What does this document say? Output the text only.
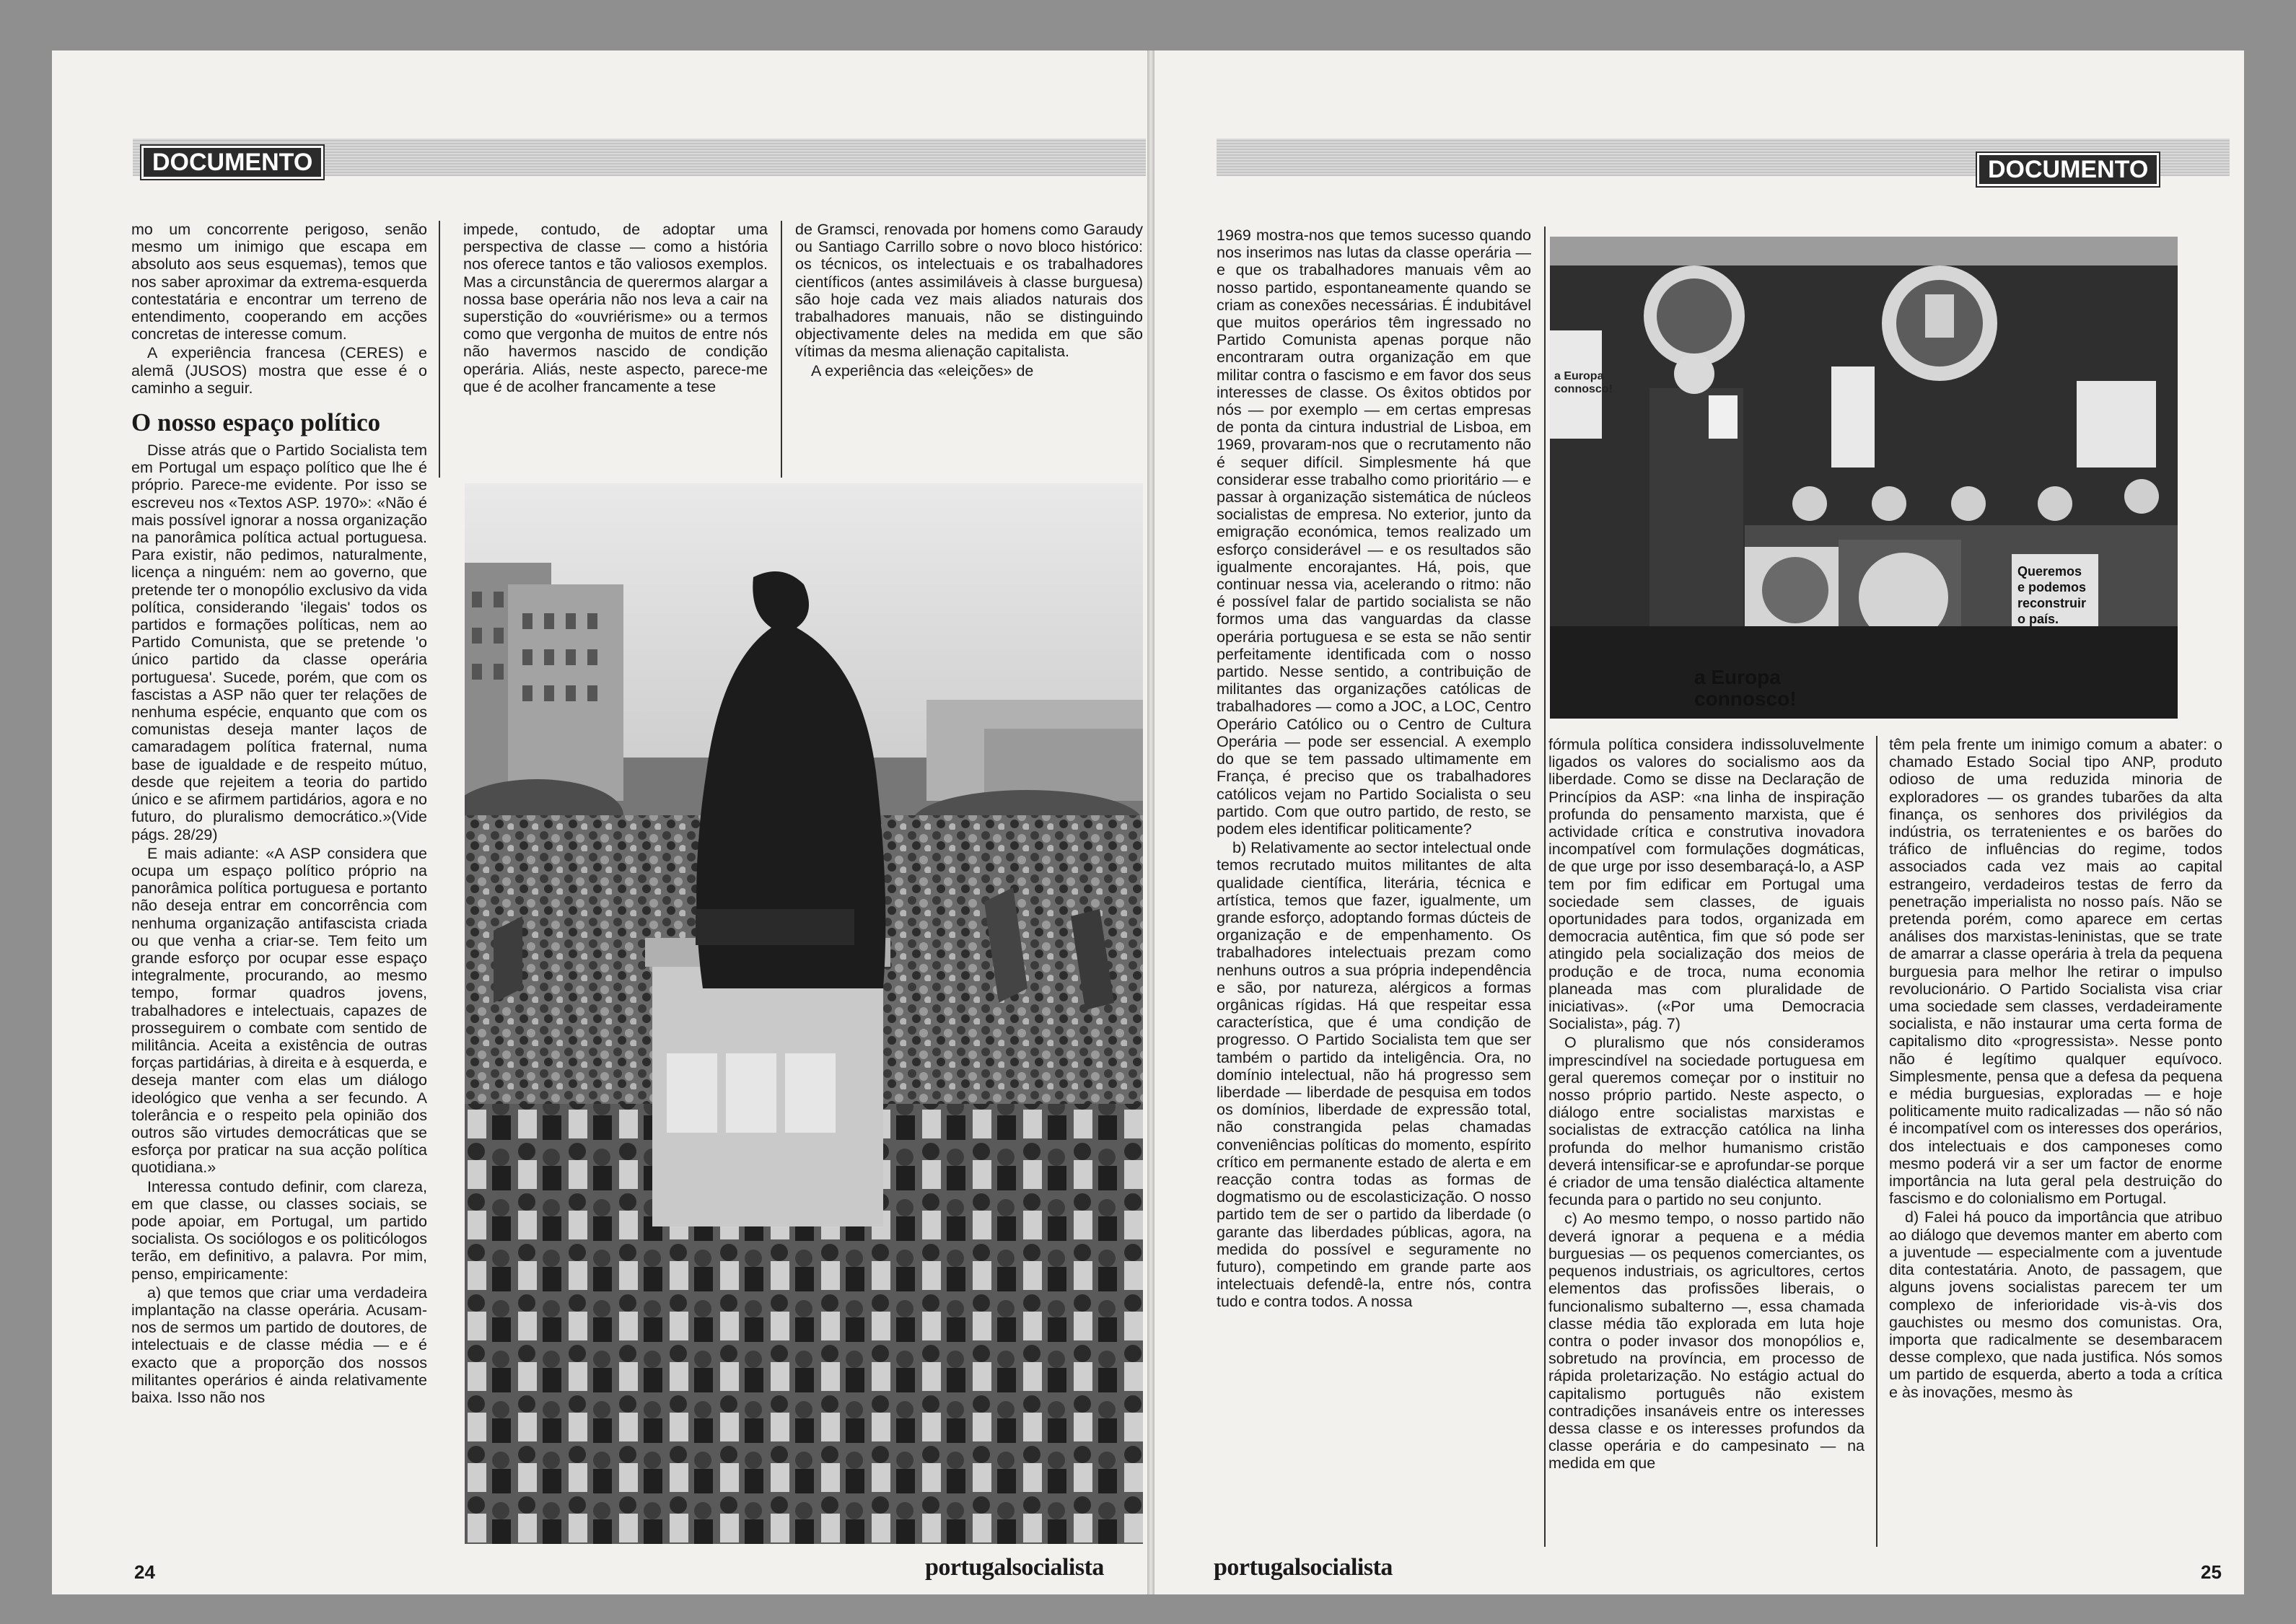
DOCUMENTO

mo um concorrente perigoso, senão mesmo um inimigo que escapa em absoluto aos seus esquemas), temos que nos saber aproximar da extrema-esquerda contestatária e encontrar um terreno de entendimento, cooperando em acções concretas de interesse comum.

A experiência francesa (CERES) e alemã (JUSOS) mostra que esse é o caminho a seguir.

O nosso espaço político

Disse atrás que o Partido Socialista tem em Portugal um espaço político que lhe é próprio. Parece-me evidente. Por isso se escreveu nos «Textos ASP. 1970»: «Não é mais possível ignorar a nossa organização na panorâmica política actual portuguesa. Para existir, não pedimos, naturalmente, licença a ninguém: nem ao governo, que pretende ter o monopólio exclusivo da vida política, considerando 'ilegais' todos os partidos e formações políticas, nem ao Partido Comunista, que se pretende 'o único partido da classe operária portuguesa'. Sucede, porém, que com os fascistas a ASP não quer ter relações de nenhuma espécie, enquanto que com os comunistas deseja manter laços de camaradagem política fraternal, numa base de igualdade e de respeito mútuo, desde que rejeitem a teoria do partido único e se afirmem partidários, agora e no futuro, do pluralismo democrático.»(Vide págs. 28/29)

E mais adiante: «A ASP considera que ocupa um espaço político próprio na panorâmica política portuguesa e portanto não deseja entrar em concorrência com nenhuma organização antifascista criada ou que venha a criar-se. Tem feito um grande esforço por ocupar esse espaço integralmente, procurando, ao mesmo tempo, formar quadros jovens, trabalhadores e intelectuais, capazes de prosseguirem o combate com sentido de militância. Aceita a existência de outras forças partidárias, à direita e à esquerda, e deseja manter com elas um diálogo ideológico que venha a ser fecundo. A tolerância e o respeito pela opinião dos outros são virtudes democráticas que se esforça por praticar na sua acção política quotidiana.»

Interessa contudo definir, com clareza, em que classe, ou classes sociais, se pode apoiar, em Portugal, um partido socialista. Os sociólogos e os politicólogos terão, em definitivo, a palavra. Por mim, penso, empiricamente:

a) que temos que criar uma verdadeira implantação na classe operária. Acusam-nos de sermos um partido de doutores, de intelectuais e de classe média — e é exacto que a proporção dos nossos militantes operários é ainda relativamente baixa. Isso não nos

impede, contudo, de adoptar uma perspectiva de classe — como a história nos oferece tantos e tão valiosos exemplos. Mas a circunstância de querermos alargar a nossa base operária não nos leva a cair na superstição do «ouvriérisme» ou a termos como que vergonha de muitos de entre nós não havermos nascido de condição operária. Aliás, neste aspecto, parece-me que é de acolher francamente a tese

de Gramsci, renovada por homens como Garaudy ou Santiago Carrillo sobre o novo bloco histórico: os técnicos, os intelectuais e os trabalhadores científicos (antes assimiláveis à classe burguesa) são hoje cada vez mais aliados naturais dos trabalhadores manuais, não se distinguindo objectivamente deles na medida em que são vítimas da mesma alienação capitalista.

A experiência das «eleições» de

24	portugalsocialista
DOCUMENTO

1969 mostra-nos que temos sucesso quando nos inserimos nas lutas da classe operária — e que os trabalhadores manuais vêm ao nosso partido, espontaneamente quando se criam as conexões necessárias. É indubitável que muitos operários têm ingressado no Partido Comunista apenas porque não encontraram outra organização em que militar contra o fascismo e em favor dos seus interesses de classe. Os êxitos obtidos por nós — por exemplo — em certas empresas de ponta da cintura industrial de Lisboa, em 1969, provaram-nos que o recrutamento não é sequer difícil. Simplesmente há que considerar esse trabalho como prioritário — e passar à organização sistemática de núcleos socialistas de empresa. No exterior, junto da emigração económica, temos realizado um esforço considerável — e os resultados são igualmente encorajantes. Há, pois, que continuar nessa via, acelerando o ritmo: não é possível falar de partido socialista se não formos uma das vanguardas da classe operária portuguesa e se esta se não sentir perfeitamente identificada com o nosso partido. Nesse sentido, a contribuição de militantes das organizações católicas de trabalhadores — como a JOC, a LOC, Centro Operário Católico ou o Centro de Cultura Operária — pode ser essencial. A exemplo do que se tem passado ultimamente em França, é preciso que os trabalhadores católicos vejam no Partido Socialista o seu partido. Com que outro partido, de resto, se podem eles identificar politicamente?

b) Relativamente ao sector intelectual onde temos recrutado muitos militantes de alta qualidade científica, literária, técnica e artística, temos que fazer, igualmente, um grande esforço, adoptando formas dúcteis de organização e de empenhamento. Os trabalhadores intelectuais prezam como nenhuns outros a sua própria independência e são, por natureza, alérgicos a formas orgânicas rígidas. Há que respeitar essa característica, que é uma condição de progresso. O Partido Socialista tem que ser também o partido da inteligência. Ora, no domínio intelectual, não há progresso sem liberdade — liberdade de pesquisa em todos os domínios, liberdade de expressão total, não constrangida pelas chamadas conveniências políticas do momento, espírito crítico em permanente estado de alerta e em reacção contra todas as formas de dogmatismo ou de escolasticização. O nosso partido tem de ser o partido da liberdade (o garante das liberdades públicas, agora, na medida do possível e seguramente no futuro), competindo em grande parte aos intelectuais defendê-la, entre nós, contra tudo e contra todos. A nossa

a Europa
connosco!
a Europa
connosco!
Queremos
e podemos
reconstruir
o país.

fórmula política considera indissoluvelmente ligados os valores do socialismo aos da liberdade. Como se disse na Declaração de Princípios da ASP: «na linha de inspiração profunda do pensamento marxista, que é actividade crítica e construtiva inovadora incompatível com formulações dogmáticas, de que urge por isso desembaraçá-lo, a ASP tem por fim edificar em Portugal uma sociedade sem classes, de iguais oportunidades para todos, organizada em democracia autêntica, fim que só pode ser atingido pela socialização dos meios de produção e de troca, numa economia planeada mas com pluralidade de iniciativas». («Por uma Democracia Socialista», pág. 7)

O pluralismo que nós consideramos imprescindível na sociedade portuguesa em geral queremos começar por o instituir no nosso próprio partido. Neste aspecto, o diálogo entre socialistas marxistas e socialistas de extracção católica na linha profunda do melhor humanismo cristão deverá intensificar-se e aprofundar-se porque é criador de uma tensão dialéctica altamente fecunda para o partido no seu conjunto.

c) Ao mesmo tempo, o nosso partido não deverá ignorar a pequena e a média burguesias — os pequenos comerciantes, os pequenos industriais, os agricultores, certos elementos das profissões liberais, o funcionalismo subalterno —, essa chamada classe média tão explorada em luta hoje contra o poder invasor dos monopólios e, sobretudo na província, em processo de rápida proletarização. No estágio actual do capitalismo português não existem contradições insanáveis entre os interesses dessa classe e os interesses profundos da classe operária e do campesinato — na medida em que

têm pela frente um inimigo comum a abater: o chamado Estado Social tipo ANP, produto odioso de uma reduzida minoria de exploradores — os grandes tubarões da alta finança, os senhores dos privilégios da indústria, os terratenientes e os barões do tráfico de influências do regime, todos associados cada vez mais ao capital estrangeiro, verdadeiros testas de ferro da penetração imperialista no nosso país. Não se pretenda porém, como aparece em certas análises dos marxistas-leninistas, que se trate de amarrar a classe operária à trela da pequena burguesia para melhor lhe retirar o impulso revolucionário. O Partido Socialista visa criar uma sociedade sem classes, verdadeiramente socialista, e não instaurar uma certa forma de capitalismo dito «progressista». Nesse ponto não é legítimo qualquer equívoco. Simplesmente, pensa que a defesa da pequena e média burguesias, exploradas — e hoje politicamente muito radicalizadas — não só não é incompatível com os interesses dos operários, dos intelectuais e dos camponeses como mesmo poderá vir a ser um factor de enorme importância na luta geral pela destruição do fascismo e do colonialismo em Portugal.

d) Falei há pouco da importância que atribuo ao diálogo que devemos manter em aberto com a juventude — especialmente com a juventude dita contestatária. Anoto, de passagem, que alguns jovens socialistas parecem ter um complexo de inferioridade vis-à-vis dos gauchistes ou mesmo dos comunistas. Ora, importa que radicalmente se desembaracem desse complexo, que nada justifica. Nós somos um partido de esquerda, aberto a toda a crítica e às inovações, mesmo às

portugalsocialista	25
